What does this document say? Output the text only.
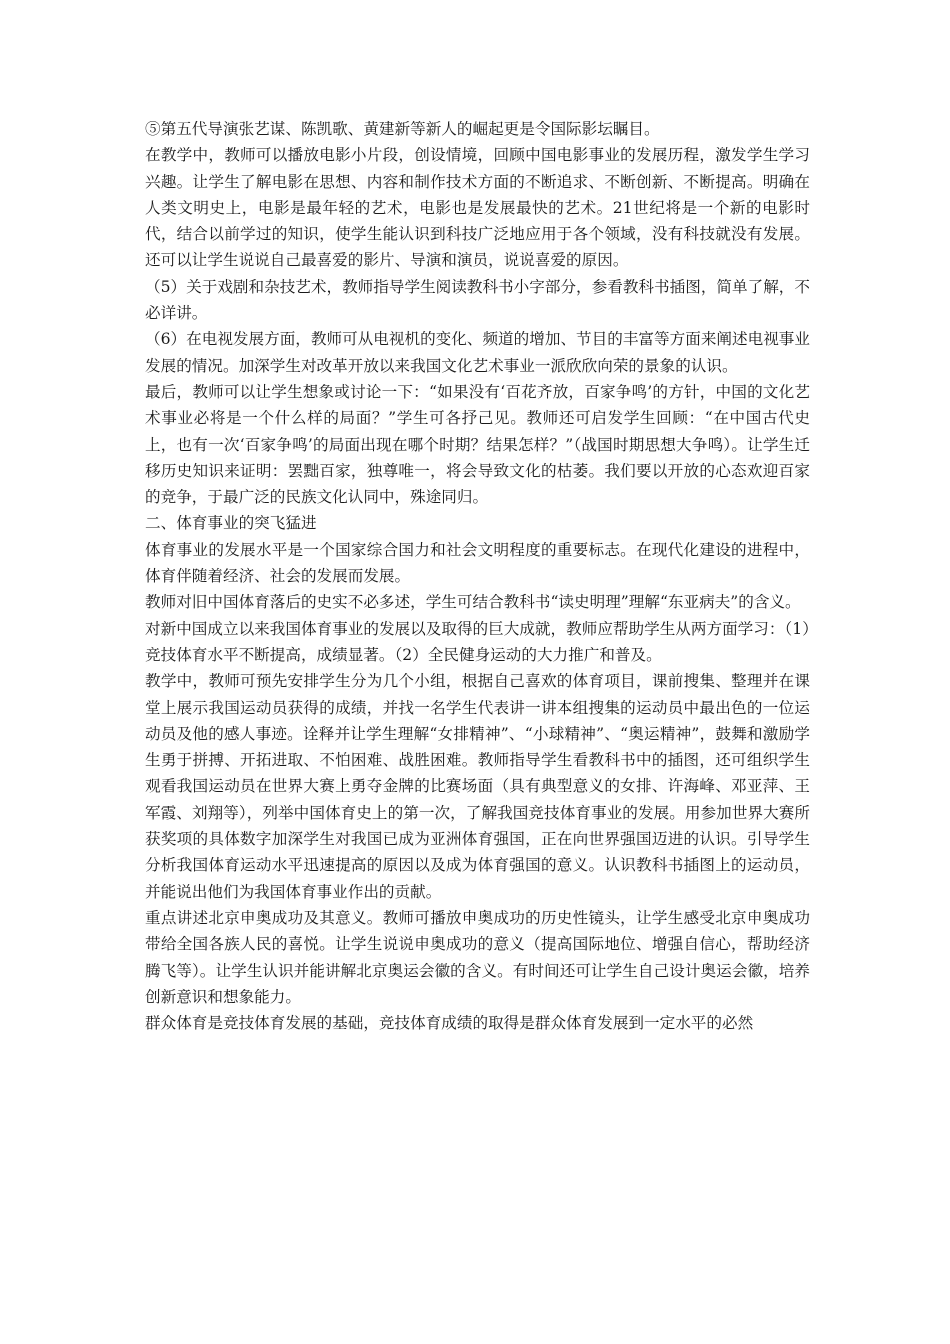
⑤第五代导演张艺谋、陈凯歌、黄建新等新人的崛起更是令国际影坛瞩目。

在教学中，教师可以播放电影小片段，创设情境，回顾中国电影事业的发展历程，激发学生学习兴趣。让学生了解电影在思想、内容和制作技术方面的不断追求、不断创新、不断提高。明确在人类文明史上，电影是最年轻的艺术，电影也是发展最快的艺术。21世纪将是一个新的电影时代，结合以前学过的知识，使学生能认识到科技广泛地应用于各个领域，没有科技就没有发展。还可以让学生说说自己最喜爱的影片、导演和演员，说说喜爱的原因。

（5）关于戏剧和杂技艺术，教师指导学生阅读教科书小字部分，参看教科书插图，简单了解，不必详讲。

（6）在电视发展方面，教师可从电视机的变化、频道的增加、节目的丰富等方面来阐述电视事业发展的情况。加深学生对改革开放以来我国文化艺术事业一派欣欣向荣的景象的认识。

最后，教师可以让学生想象或讨论一下：“如果没有‘百花齐放，百家争鸣’的方针，中国的文化艺术事业必将是一个什么样的局面？”学生可各抒己见。教师还可启发学生回顾：“在中国古代史上，也有一次‘百家争鸣’的局面出现在哪个时期？结果怎样？”（战国时期思想大争鸣）。让学生迁移历史知识来证明：罢黜百家，独尊唯一，将会导致文化的枯萎。我们要以开放的心态欢迎百家的竞争，于最广泛的民族文化认同中，殊途同归。

二、体育事业的突飞猛进

体育事业的发展水平是一个国家综合国力和社会文明程度的重要标志。在现代化建设的进程中，体育伴随着经济、社会的发展而发展。

教师对旧中国体育落后的史实不必多述，学生可结合教科书“读史明理”理解“东亚病夫”的含义。

对新中国成立以来我国体育事业的发展以及取得的巨大成就，教师应帮助学生从两方面学习：（1）竞技体育水平不断提高，成绩显著。（2）全民健身运动的大力推广和普及。

教学中，教师可预先安排学生分为几个小组，根据自己喜欢的体育项目，课前搜集、整理并在课堂上展示我国运动员获得的成绩，并找一名学生代表讲一讲本组搜集的运动员中最出色的一位运动员及他的感人事迹。诠释并让学生理解“女排精神”、“小球精神”、“奥运精神”，鼓舞和激励学生勇于拼搏、开拓进取、不怕困难、战胜困难。教师指导学生看教科书中的插图，还可组织学生观看我国运动员在世界大赛上勇夺金牌的比赛场面（具有典型意义的女排、许海峰、邓亚萍、王军霞、刘翔等），列举中国体育史上的第一次，了解我国竞技体育事业的发展。用参加世界大赛所获奖项的具体数字加深学生对我国已成为亚洲体育强国，正在向世界强国迈进的认识。引导学生分析我国体育运动水平迅速提高的原因以及成为体育强国的意义。认识教科书插图上的运动员，并能说出他们为我国体育事业作出的贡献。

重点讲述北京申奥成功及其意义。教师可播放申奥成功的历史性镜头，让学生感受北京申奥成功带给全国各族人民的喜悦。让学生说说申奥成功的意义（提高国际地位、增强自信心，帮助经济腾飞等）。让学生认识并能讲解北京奥运会徽的含义。有时间还可让学生自己设计奥运会徽，培养创新意识和想象能力。

群众体育是竞技体育发展的基础，竞技体育成绩的取得是群众体育发展到一定水平的必然
